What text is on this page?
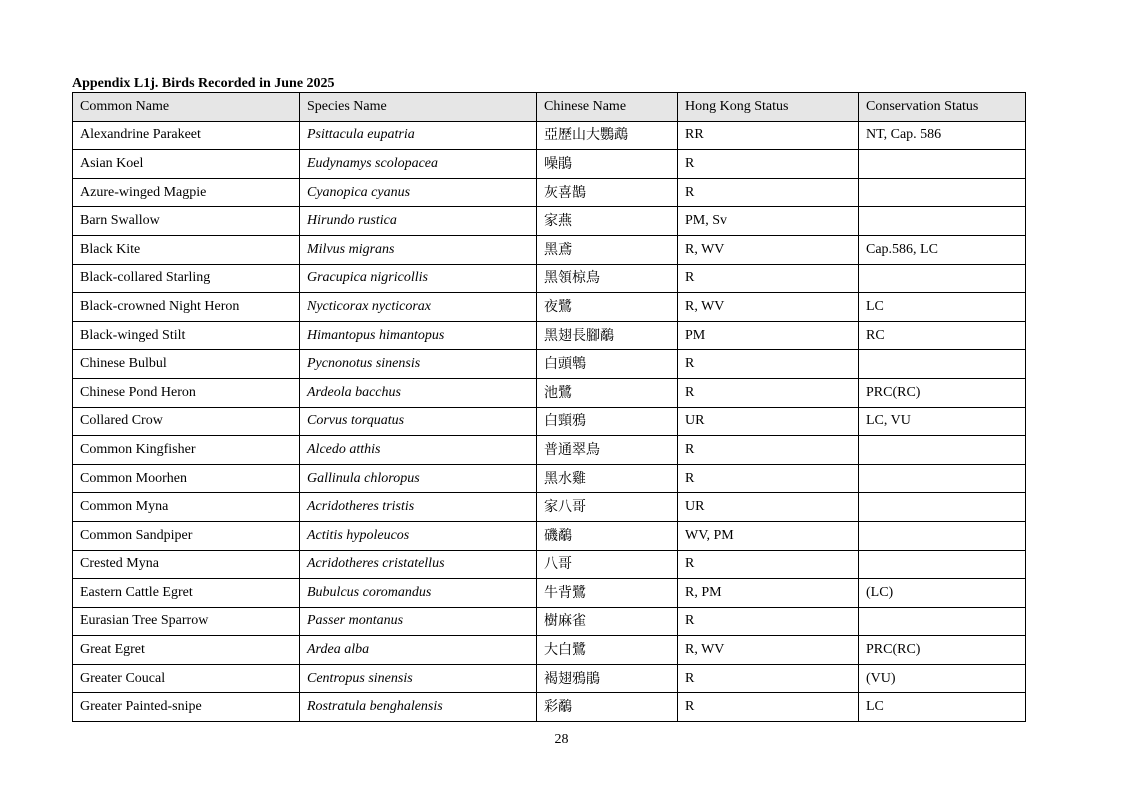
Appendix L1j. Birds Recorded in June 2025
Common Name	Species Name	Chinese Name	Hong Kong Status	Conservation Status
Alexandrine Parakeet	Psittacula eupatria	亞歷山大鸚鵡	RR	NT, Cap. 586
Asian Koel	Eudynamys scolopacea	噪鵑	R	
Azure-winged Magpie	Cyanopica cyanus	灰喜鵲	R	
Barn Swallow	Hirundo rustica	家燕	PM, Sv	
Black Kite	Milvus migrans	黑鳶	R, WV	Cap.586, LC
Black-collared Starling	Gracupica nigricollis	黑領椋鳥	R	
Black-crowned Night Heron	Nycticorax nycticorax	夜鷺	R, WV	LC
Black-winged Stilt	Himantopus himantopus	黑翅長腳鷸	PM	RC
Chinese Bulbul	Pycnonotus sinensis	白頭鵯	R	
Chinese Pond Heron	Ardeola bacchus	池鷺	R	PRC(RC)
Collared Crow	Corvus torquatus	白頸鴉	UR	LC, VU
Common Kingfisher	Alcedo atthis	普通翠鳥	R	
Common Moorhen	Gallinula chloropus	黑水雞	R	
Common Myna	Acridotheres tristis	家八哥	UR	
Common Sandpiper	Actitis hypoleucos	磯鷸	WV, PM	
Crested Myna	Acridotheres cristatellus	八哥	R	
Eastern Cattle Egret	Bubulcus coromandus	牛背鷺	R, PM	(LC)
Eurasian Tree Sparrow	Passer montanus	樹麻雀	R	
Great Egret	Ardea alba	大白鷺	R, WV	PRC(RC)
Greater Coucal	Centropus sinensis	褐翅鴉鵑	R	(VU)
Greater Painted-snipe	Rostratula benghalensis	彩鷸	R	LC
28
